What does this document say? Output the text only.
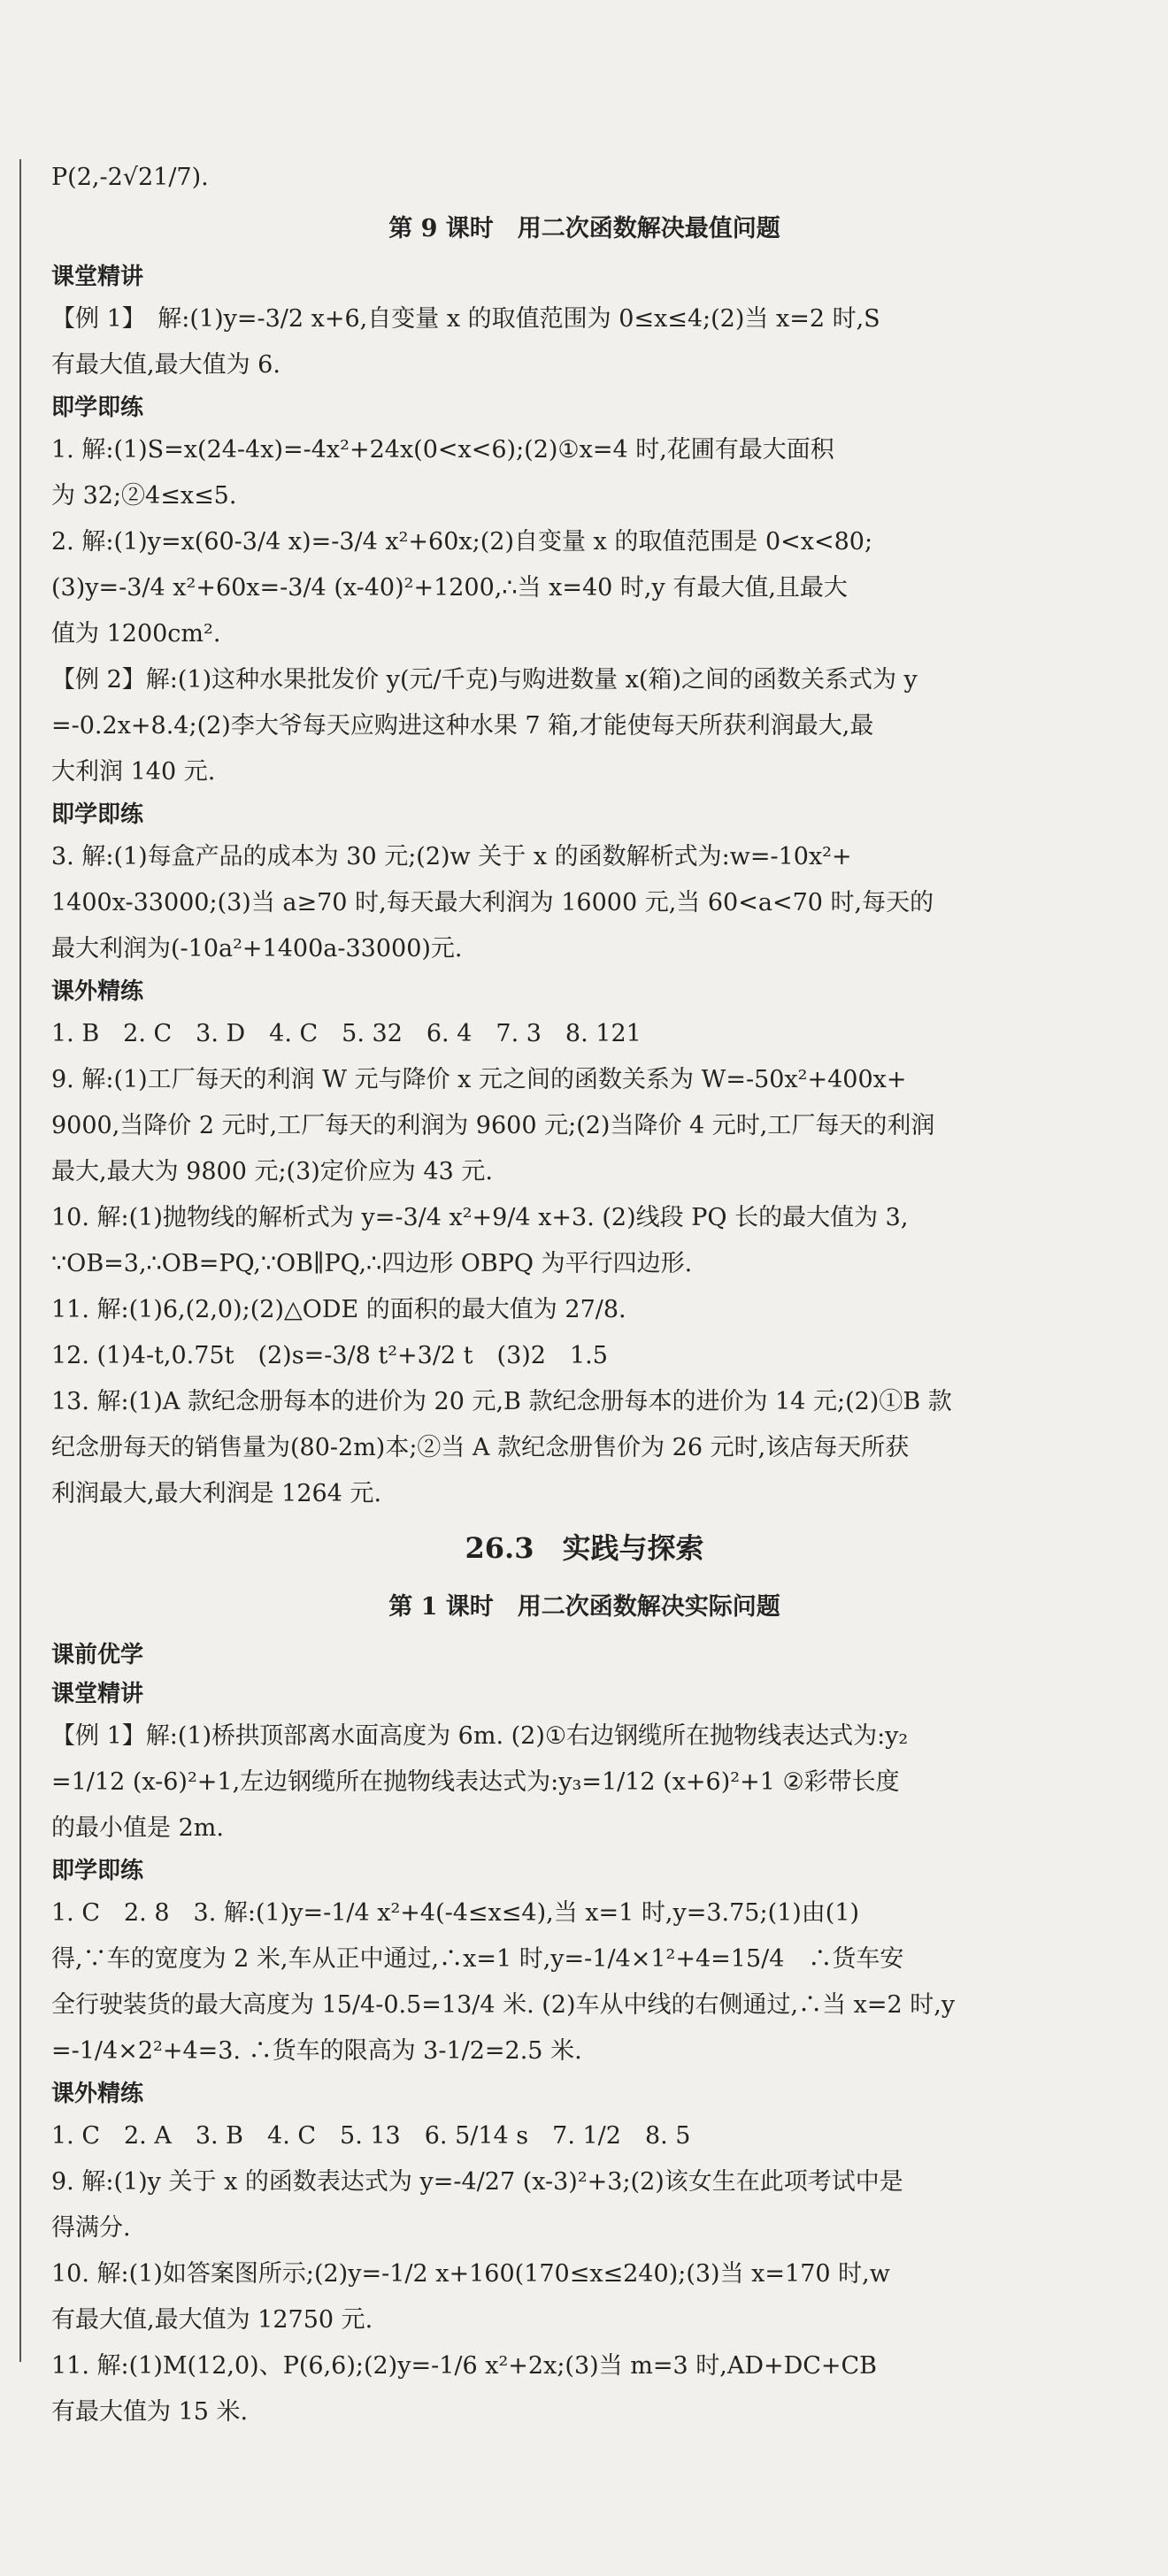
P(2,-2√21/7).
第 9 课时　用二次函数解决最值问题
课堂精讲
【例 1】　解:(1)y=-3/2 x+6,自变量 x 的取值范围为 0≤x≤4;(2)当 x=2 时,S
有最大值,最大值为 6.
即学即练
1. 解:(1)S=x(24-4x)=-4x²+24x(0<x<6);(2)①x=4 时,花圃有最大面积
为 32;②4≤x≤5.
2. 解:(1)y=x(60-3/4 x)=-3/4 x²+60x;(2)自变量 x 的取值范围是 0<x<80;
(3)y=-3/4 x²+60x=-3/4 (x-40)²+1200,∴当 x=40 时,y 有最大值,且最大
值为 1200cm².
【例 2】解:(1)这种水果批发价 y(元/千克)与购进数量 x(箱)之间的函数关系式为 y
=-0.2x+8.4;(2)李大爷每天应购进这种水果 7 箱,才能使每天所获利润最大,最
大利润 140 元.
即学即练
3. 解:(1)每盒产品的成本为 30 元;(2)w 关于 x 的函数解析式为:w=-10x²+
1400x-33000;(3)当 a≥70 时,每天最大利润为 16000 元,当 60<a<70 时,每天的
最大利润为(-10a²+1400a-33000)元.
课外精练
1. B　2. C　3. D　4. C　5. 32　6. 4　7. 3　8. 121
9. 解:(1)工厂每天的利润 W 元与降价 x 元之间的函数关系为 W=-50x²+400x+
9000,当降价 2 元时,工厂每天的利润为 9600 元;(2)当降价 4 元时,工厂每天的利润
最大,最大为 9800 元;(3)定价应为 43 元.
10. 解:(1)抛物线的解析式为 y=-3/4 x²+9/4 x+3. (2)线段 PQ 长的最大值为 3,
∵OB=3,∴OB=PQ,∵OB∥PQ,∴四边形 OBPQ 为平行四边形.
11. 解:(1)6,(2,0);(2)△ODE 的面积的最大值为 27/8.
12. (1)4-t,0.75t　(2)s=-3/8 t²+3/2 t　(3)2　1.5
13. 解:(1)A 款纪念册每本的进价为 20 元,B 款纪念册每本的进价为 14 元;(2)①B 款
纪念册每天的销售量为(80-2m)本;②当 A 款纪念册售价为 26 元时,该店每天所获
利润最大,最大利润是 1264 元.
26.3　实践与探索
第 1 课时　用二次函数解决实际问题
课前优学
课堂精讲
【例 1】解:(1)桥拱顶部离水面高度为 6m. (2)①右边钢缆所在抛物线表达式为:y₂
=1/12 (x-6)²+1,左边钢缆所在抛物线表达式为:y₃=1/12 (x+6)²+1 ②彩带长度
的最小值是 2m.
即学即练
1. C　2. 8　3. 解:(1)y=-1/4 x²+4(-4≤x≤4),当 x=1 时,y=3.75;(1)由(1)
得,∵车的宽度为 2 米,车从正中通过,∴x=1 时,y=-1/4×1²+4=15/4　∴货车安
全行驶装货的最大高度为 15/4-0.5=13/4 米. (2)车从中线的右侧通过,∴当 x=2 时,y
=-1/4×2²+4=3. ∴货车的限高为 3-1/2=2.5 米.
课外精练
1. C　2. A　3. B　4. C　5. 13　6. 5/14 s　7. 1/2　8. 5
9. 解:(1)y 关于 x 的函数表达式为 y=-4/27 (x-3)²+3;(2)该女生在此项考试中是
得满分.
10. 解:(1)如答案图所示;(2)y=-1/2 x+160(170≤x≤240);(3)当 x=170 时,w
有最大值,最大值为 12750 元.
11. 解:(1)M(12,0)、P(6,6);(2)y=-1/6 x²+2x;(3)当 m=3 时,AD+DC+CB
有最大值为 15 米.
